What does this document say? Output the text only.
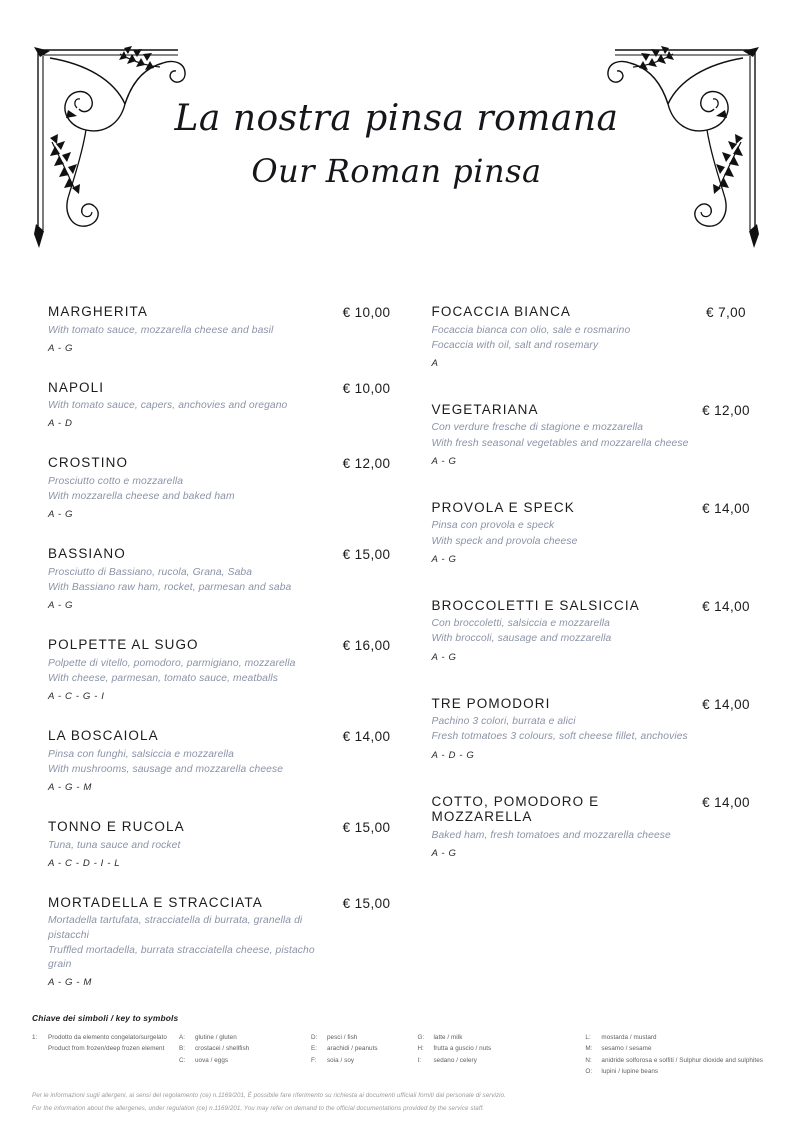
La nostra pinsa romana
Our Roman pinsa
MARGHERITA
With tomato sauce, mozzarella cheese and basil
A - G
€ 10,00
NAPOLI
With tomato sauce, capers, anchovies and oregano
A - D
€ 10,00
CROSTINO
Prosciutto cotto e mozzarella
With mozzarella cheese and baked ham
A - G
€ 12,00
BASSIANO
Prosciutto di Bassiano, rucola, Grana, Saba
With Bassiano raw ham, rocket, parmesan and saba
A - G
€ 15,00
POLPETTE AL SUGO
Polpette di vitello, pomodoro, parmigiano, mozzarella
With cheese, parmesan, tomato sauce, meatballs
A - C - G - I
€ 16,00
LA BOSCAIOLA
Pinsa con funghi, salsiccia e mozzarella
With mushrooms, sausage and mozzarella cheese
A - G - M
€ 14,00
TONNO E RUCOLA
Tuna, tuna sauce and rocket
A - C - D - I - L
€ 15,00
MORTADELLA E STRACCIATA
Mortadella tartufata, stracciatella di burrata, granella di pistacchi
Truffled mortadella, burrata stracciatella cheese, pistacho grain
A - G - M
€ 15,00
FOCACCIA BIANCA
Focaccia bianca con olio, sale e rosmarino
Focaccia with oil, salt and rosemary
A
€ 7,00
VEGETARIANA
Con verdure fresche di stagione e mozzarella
With fresh seasonal vegetables and mozzarella cheese
A - G
€ 12,00
PROVOLA E SPECK
Pinsa con provola e speck
With speck and provola cheese
A - G
€ 14,00
BROCCOLETTI E SALSICCIA
Con broccoletti, salsiccia e mozzarella
With broccoli, sausage and mozzarella
A - G
€ 14,00
TRE POMODORI
Pachino 3 colori, burrata e alici
Fresh totmatoes 3 colours, soft cheese fillet, anchovies
A - D - G
€ 14,00
COTTO, POMODORO E MOZZARELLA
Baked ham, fresh tomatoes and mozzarella cheese
A - G
€ 14,00
Chiave dei simboli / key to symbols
1:
	Prodotto da elemento congelato/surgelato
Product from frozen/deep frozen element
A:
B:
C:
glutine / gluten
crostacei / shellfish
uova / eggs
D:
E:
F:
pesci / fish
arachidi / peanuts
soia / soy
G:
H:
I:
latte / milk
frutta a guscio / nuts
sedano / celery
L:
M:
N:
O:
mostarda / mustard
sesamo / sesame
anidride solforosa e solfiti / Sulphur dioxide and sulphites
lupini / lupine beans
Per le informazioni sugli allergeni, ai sensi del regolamento (ce) n.1169/201, È possibile fare riferimento su richiesta ai documenti ufficiali forniti dal personale di servizio.
For the information about the allergenes, under regulation (ce) n.1169/201, You may refer on demand to the official documentations provided by the service staff.
